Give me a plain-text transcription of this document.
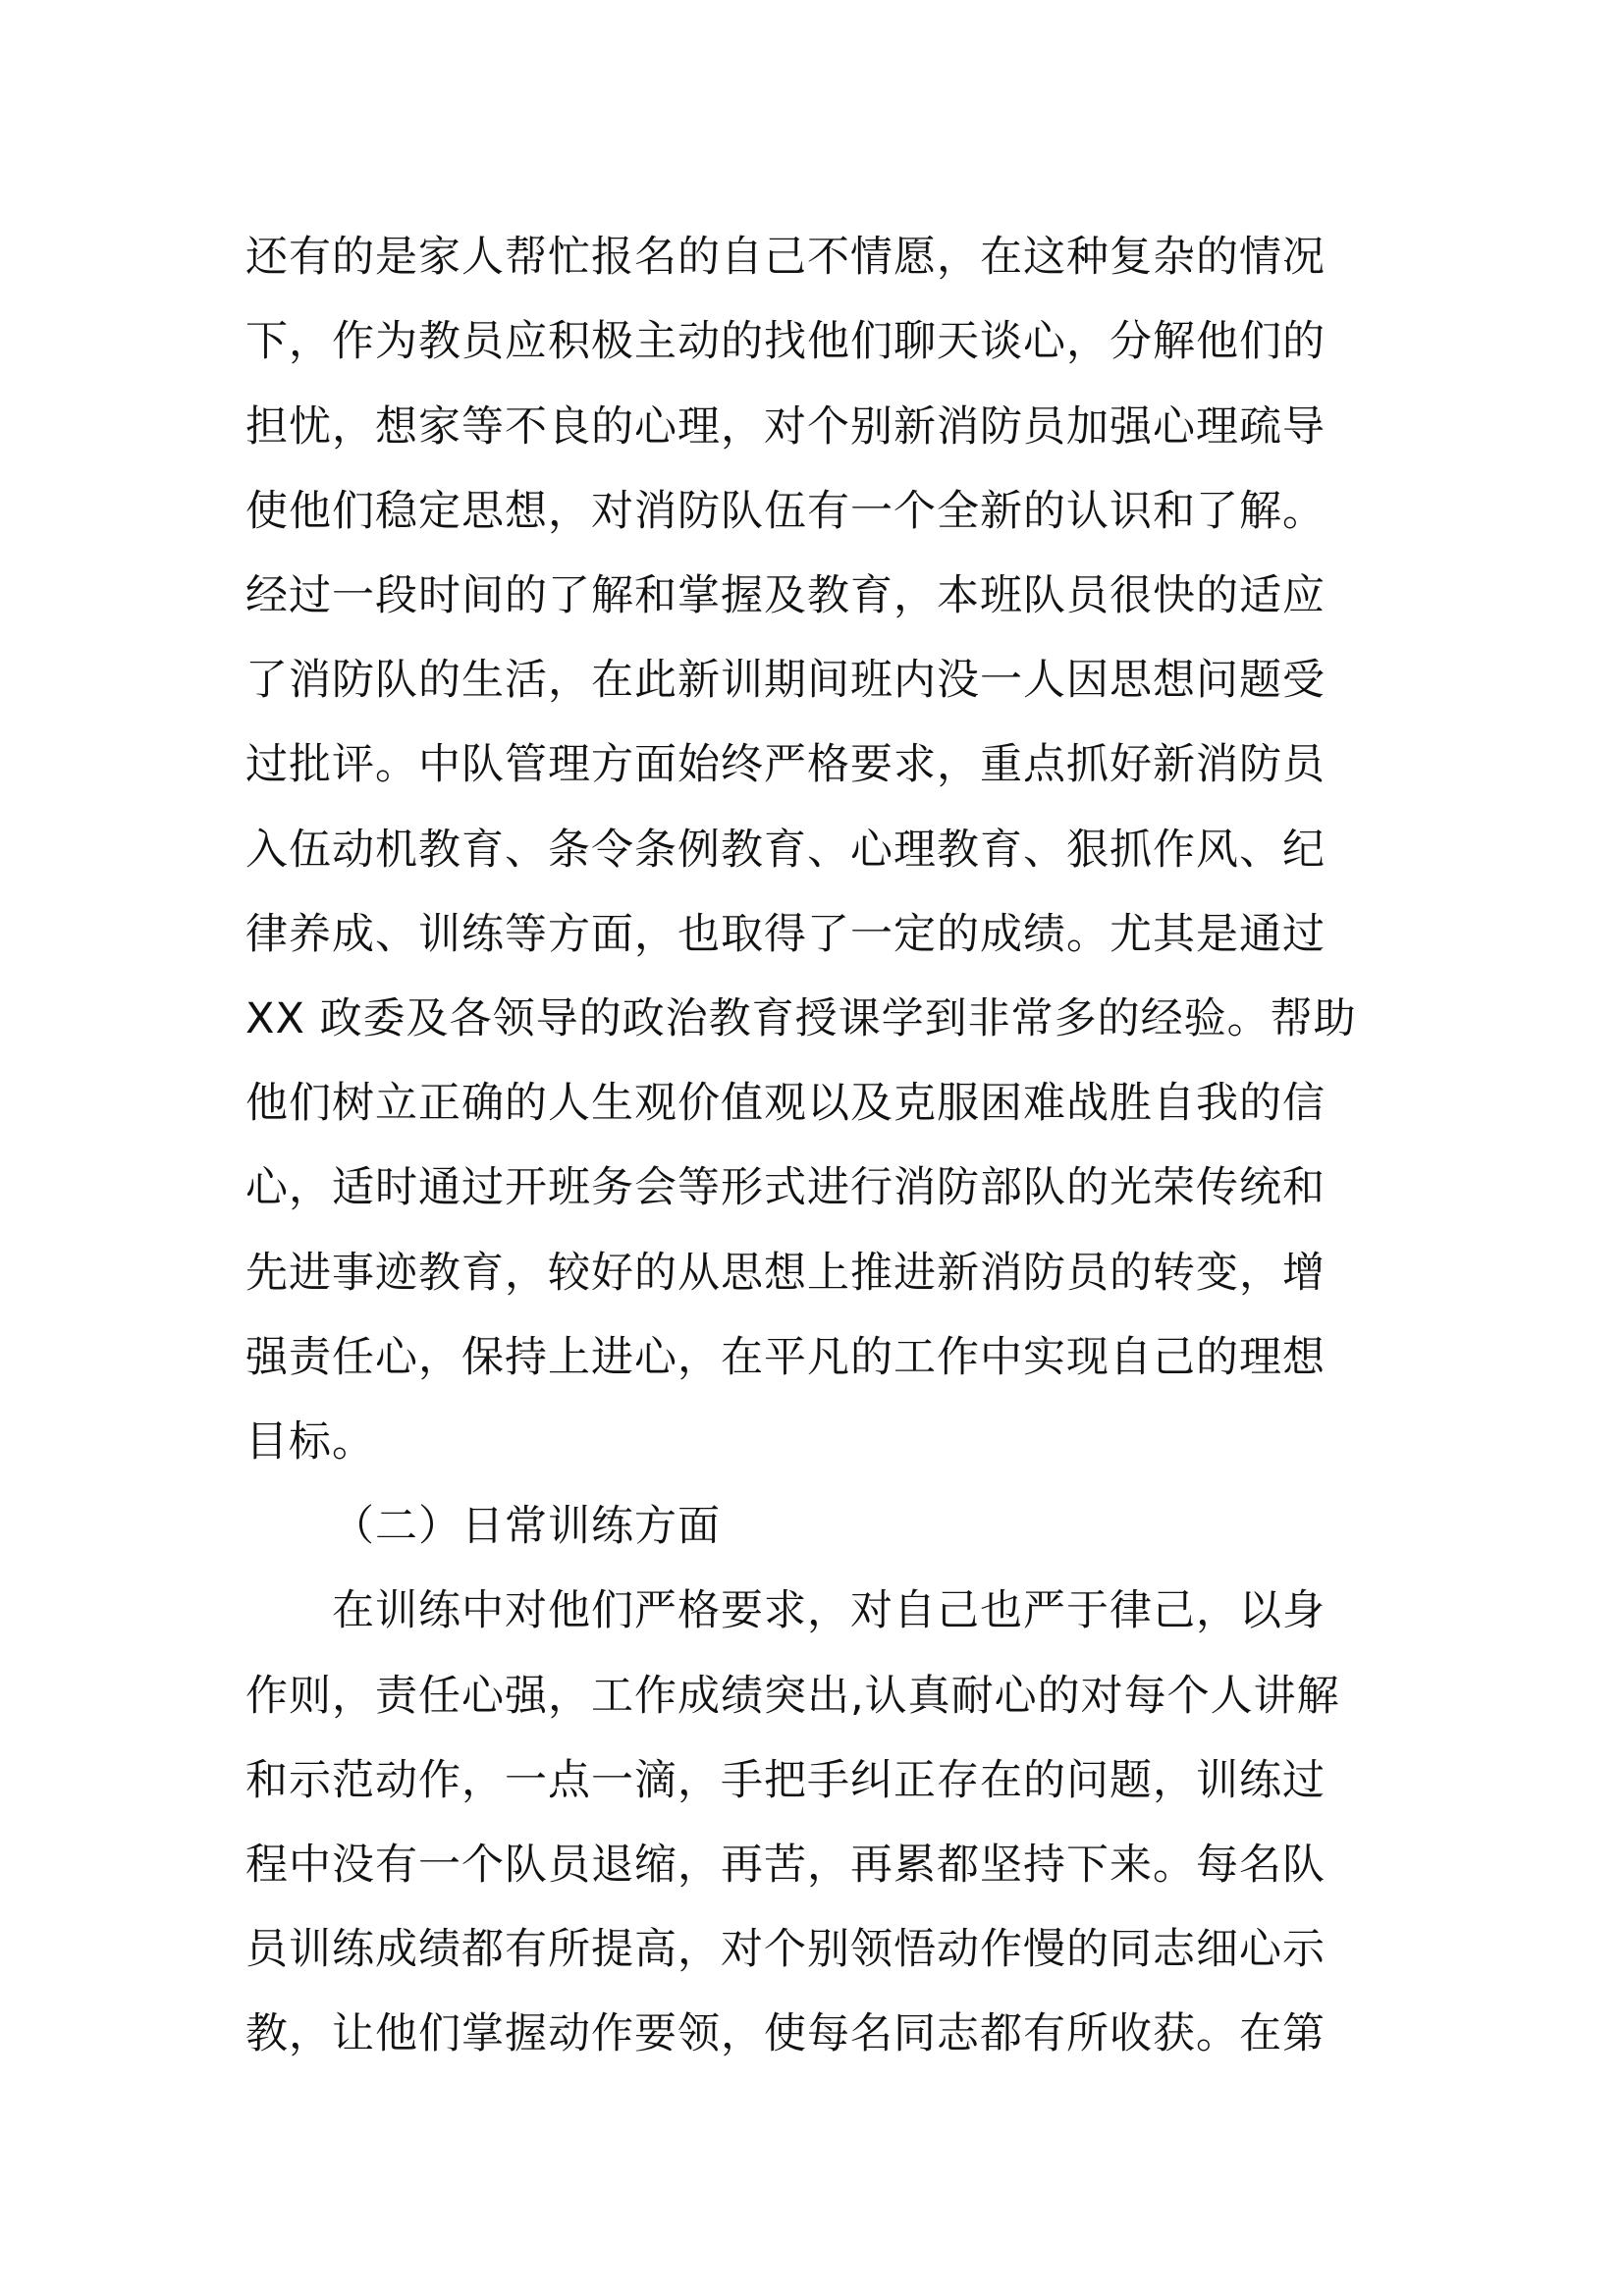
还有的是家人帮忙报名的自己不情愿，在这种复杂的情况
下，作为教员应积极主动的找他们聊天谈心，分解他们的
担忧，想家等不良的心理，对个别新消防员加强心理疏导
使他们稳定思想，对消防队伍有一个全新的认识和了解。
经过一段时间的了解和掌握及教育，本班队员很快的适应
了消防队的生活，在此新训期间班内没一人因思想问题受
过批评。中队管理方面始终严格要求，重点抓好新消防员
入伍动机教育、条令条例教育、心理教育、狠抓作风、纪
律养成、训练等方面，也取得了一定的成绩。尤其是通过
XX 政委及各领导的政治教育授课学到非常多的经验。帮助
他们树立正确的人生观价值观以及克服困难战胜自我的信
心，适时通过开班务会等形式进行消防部队的光荣传统和
先进事迹教育，较好的从思想上推进新消防员的转变，增
强责任心，保持上进心，在平凡的工作中实现自己的理想
目标。
（二）日常训练方面
在训练中对他们严格要求，对自己也严于律己，以身
作则，责任心强，工作成绩突出,认真耐心的对每个人讲解
和示范动作，一点一滴，手把手纠正存在的问题，训练过
程中没有一个队员退缩，再苦，再累都坚持下来。每名队
员训练成绩都有所提高，对个别领悟动作慢的同志细心示
教，让他们掌握动作要领，使每名同志都有所收获。在第
